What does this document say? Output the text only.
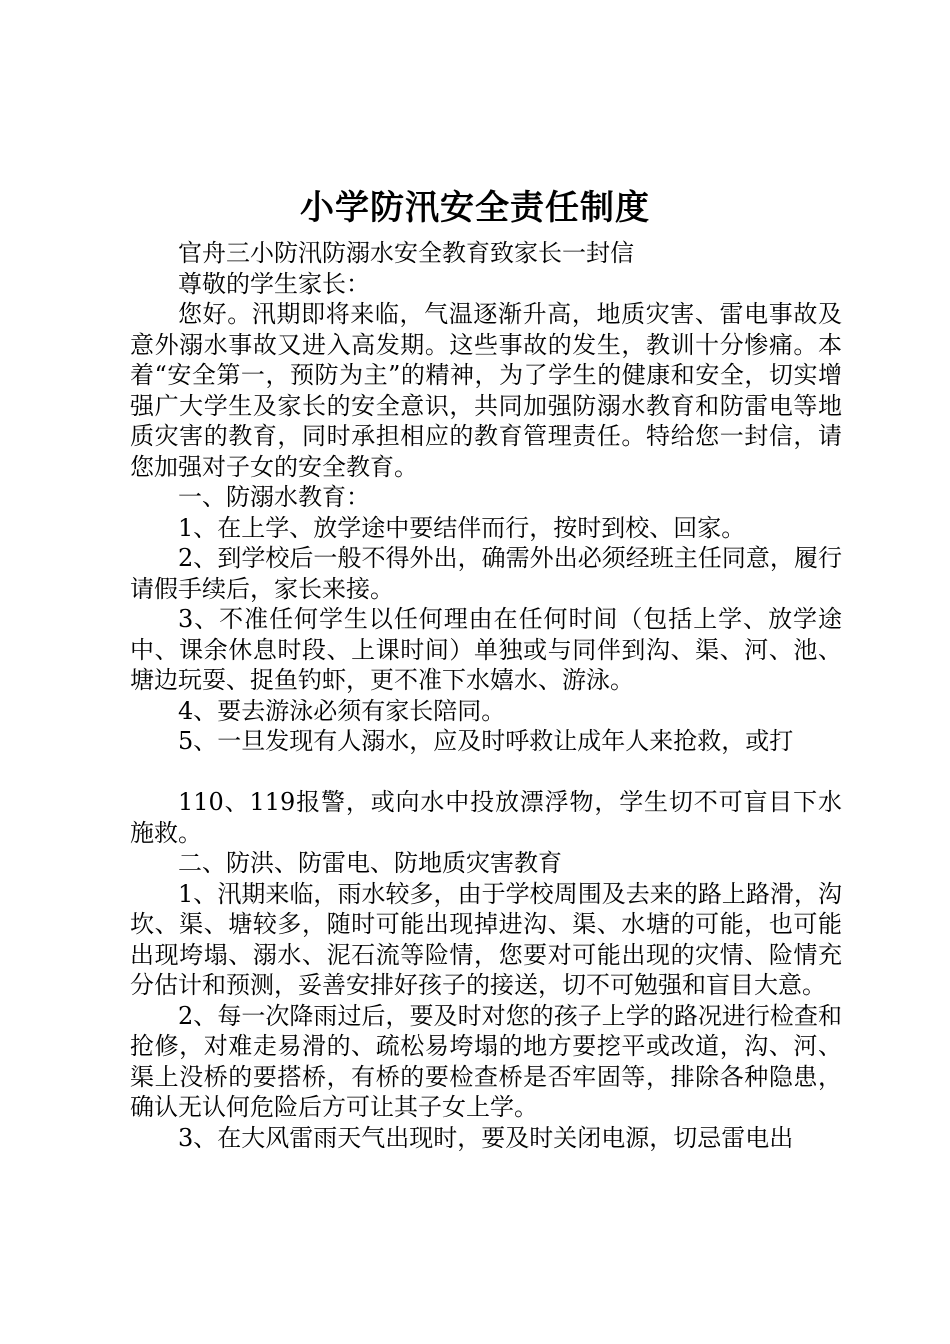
小学防汛安全责任制度

官舟三小防汛防溺水安全教育致家长一封信

尊敬的学生家长：

您好。汛期即将来临，气温逐渐升高，地质灾害、雷电事故及意外溺水事故又进入高发期。这些事故的发生，教训十分惨痛。本着“安全第一，预防为主”的精神，为了学生的健康和安全，切实增强广大学生及家长的安全意识，共同加强防溺水教育和防雷电等地质灾害的教育，同时承担相应的教育管理责任。特给您一封信，请您加强对子女的安全教育。

一、防溺水教育：

1、在上学、放学途中要结伴而行，按时到校、回家。

2、到学校后一般不得外出，确需外出必须经班主任同意，履行请假手续后，家长来接。

3、不准任何学生以任何理由在任何时间（包括上学、放学途中、课余休息时段、上课时间）单独或与同伴到沟、渠、河、池、塘边玩耍、捉鱼钓虾，更不准下水嬉水、游泳。

4、要去游泳必须有家长陪同。

5、一旦发现有人溺水，应及时呼救让成年人来抢救，或打

110、119报警，或向水中投放漂浮物，学生切不可盲目下水施救。

二、防洪、防雷电、防地质灾害教育

1、汛期来临，雨水较多，由于学校周围及去来的路上路滑，沟坎、渠、塘较多，随时可能出现掉进沟、渠、水塘的可能，也可能出现垮塌、溺水、泥石流等险情，您要对可能出现的灾情、险情充分估计和预测，妥善安排好孩子的接送，切不可勉强和盲目大意。

2、每一次降雨过后，要及时对您的孩子上学的路况进行检查和抢修，对难走易滑的、疏松易垮塌的地方要挖平或改道，沟、河、渠上没桥的要搭桥，有桥的要检查桥是否牢固等，排除各种隐患，确认无认何危险后方可让其子女上学。

3、在大风雷雨天气出现时，要及时关闭电源，切忌雷电出
